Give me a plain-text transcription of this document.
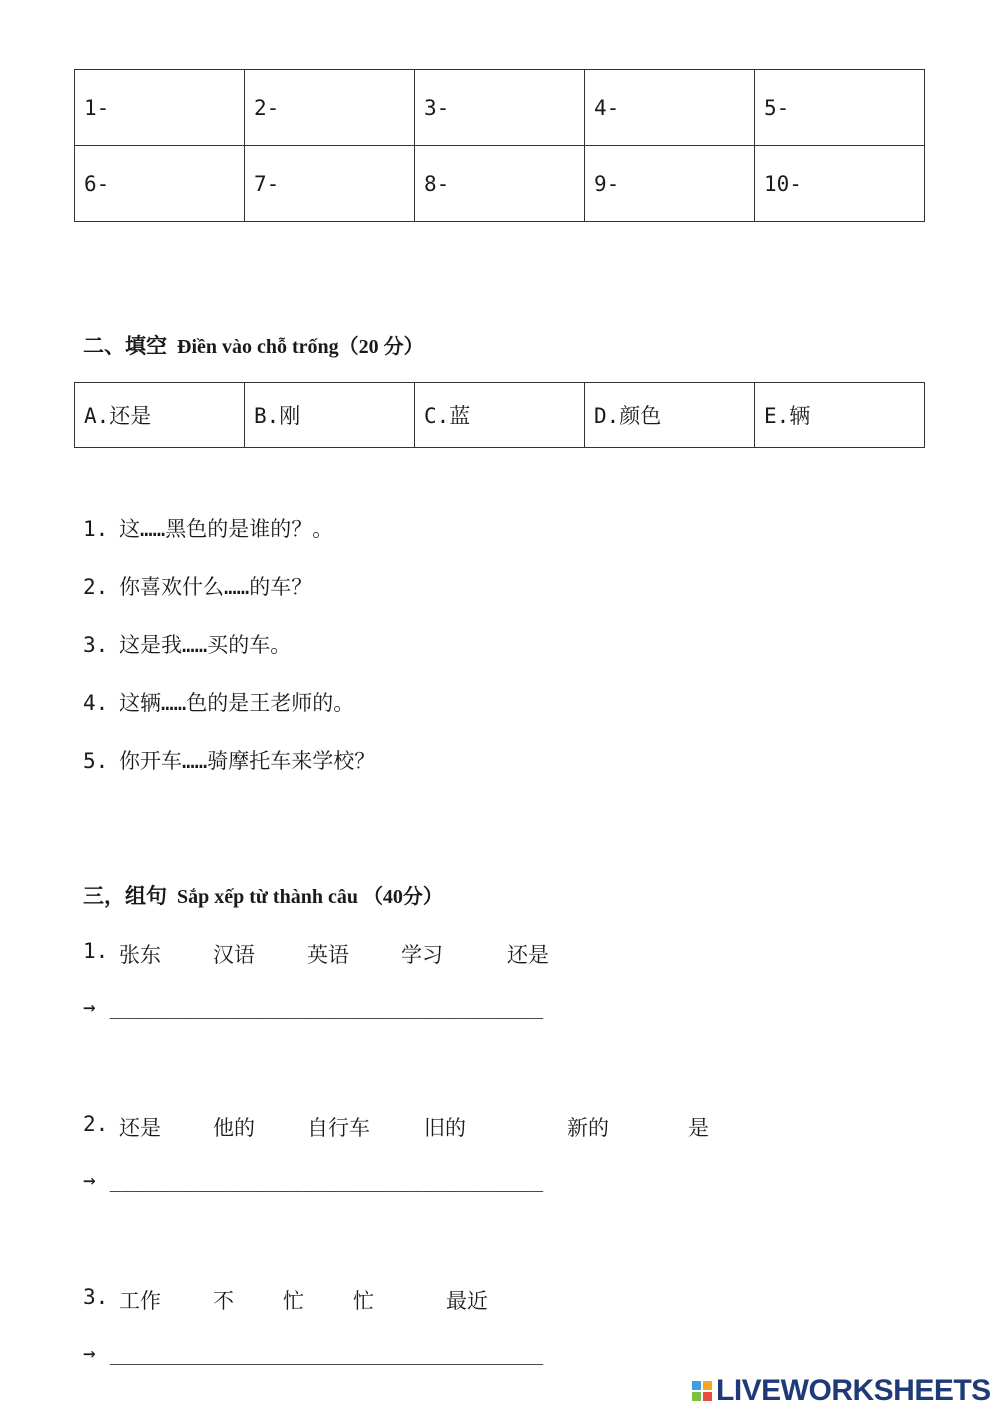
1-	2-	3-	4-	5-
6-	7-	8-	9-	10-
二、填空 Điền vào chỗ trống（20 分）
A.还是	B.刚	C.蓝	D.颜色	E.辆
1. 这……黑色的是谁的？。
2. 你喜欢什么……的车？
3. 这是我……买的车。
4. 这辆……色的是王老师的。
5. 你开车……骑摩托车来学校？
三，组句 Sắp xếp từ thành câu （40分）
1. 张东 汉语 英语 学习	还是
→ ____________________________________
2. 还是 他的 自行车	旧的	新的	是
→ ____________________________________
3. 工作 不 忙 忙	最近
→ ____________________________________
LIVEWORKSHEETS
